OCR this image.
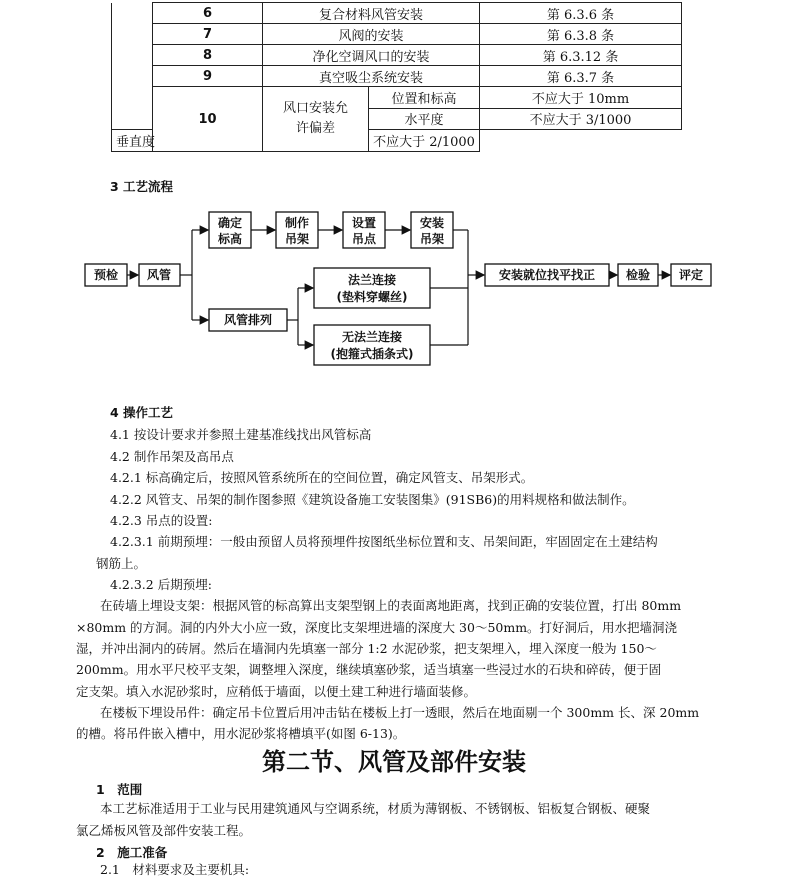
	6	复合材料风管安装		第 6.3.6 条
	7	风阀的安装		第 6.3.8 条
	8	净化空调风口的安装		第 6.3.12 条
	9	真空吸尘系统安装		第 6.3.7 条
	10	风口安装允许偏差	位置和标高	不应大于 10mm
			水平度	不应大于 3/1000
垂直度			不应大于 2/1000	
3 工艺流程
预检 风管
确定
标高
制作
吊架
设置
吊点
安装
吊架
风管排列
法兰连接
(垫料穿螺丝)
无法兰连接
(抱箍式插条式)
安装就位找平找正	检验 评定
4 操作工艺
4.1 按设计要求并参照土建基准线找出风管标高
4.2 制作吊架及高吊点
4.2.1 标高确定后，按照风管系统所在的空间位置，确定风管支、吊架形式。
4.2.2 风管支、吊架的制作图参照《建筑设备施工安装图集》(91SB6)的用料规格和做法制作。
4.2.3 吊点的设置:
4.2.3.1 前期预埋：一般由预留人员将预埋件按图纸坐标位置和支、吊架间距，牢固固定在土建结构
钢筋上。
4.2.3.2 后期预埋:
在砖墙上埋设支架：根据风管的标高算出支架型钢上的表面离地距离，找到正确的安装位置，打出 80mm
×80mm 的方洞。洞的内外大小应一致，深度比支架埋进墙的深度大 30～50mm。打好洞后，用水把墙洞浇
湿，并冲出洞内的砖屑。然后在墙洞内先填塞一部分 1:2 水泥砂浆，把支架埋入，埋入深度一般为 150～
200mm。用水平尺校平支架，调整埋入深度，继续填塞砂浆，适当填塞一些浸过水的石块和碎砖，便于固
定支架。填入水泥砂浆时，应稍低于墙面，以便土建工种进行墙面装修。
在楼板下埋设吊件：确定吊卡位置后用冲击钻在楼板上打一透眼，然后在地面剔一个 300mm 长、深 20mm
的槽。将吊件嵌入槽中，用水泥砂浆将槽填平(如图 6-13)。
第二节、风管及部件安装
1　范围
本工艺标准适用于工业与民用建筑通风与空调系统，材质为薄钢板、不锈钢板、铝板复合钢板、硬聚
氯乙烯板风管及部件安装工程。
2　施工准备
2.1　材料要求及主要机具:
